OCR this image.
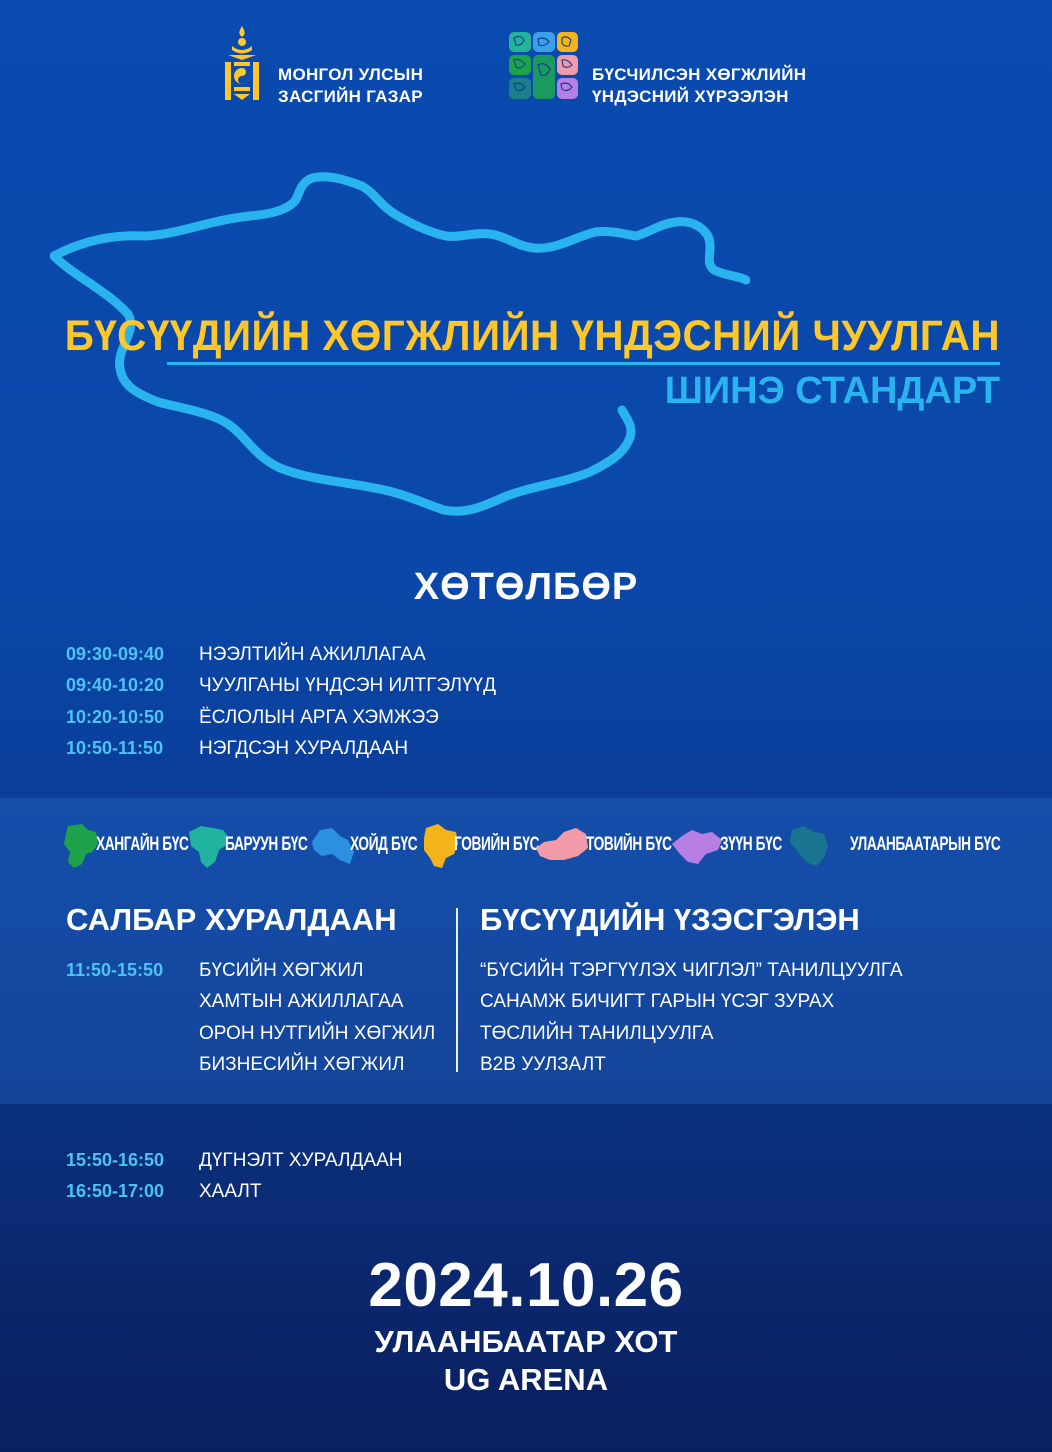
МОНГОЛ УЛСЫН
ЗАСГИЙН ГАЗАР
БҮСЧИЛСЭН ХӨГЖЛИЙН
ҮНДЭСНИЙ ХҮРЭЭЛЭН
БҮСҮҮДИЙН ХӨГЖЛИЙН ҮНДЭСНИЙ ЧУУЛГАН
ШИНЭ СТАНДАРТ
ХӨТӨЛБӨР
09:30-09:40 НЭЭЛТИЙН АЖИЛЛАГАА
09:40-10:20 ЧУУЛГАНЫ ҮНДСЭН ИЛТГЭЛҮҮД
10:20-10:50 ЁСЛОЛЫН АРГА ХЭМЖЭЭ
10:50-11:50 НЭГДСЭН ХУРАЛДААН
ХАНГАЙН БҮС БАРУУН БҮС ХОЙД БҮС ГОВИЙН БҮС ТОВИЙН БҮС	ЗҮҮН БҮС	УЛААНБААТАРЫН БҮС
САЛБАР ХУРАЛДААН
11:50-15:50 БҮСИЙН ХӨГЖИЛ
ХАМТЫН АЖИЛЛАГАА
ОРОН НУТГИЙН ХӨГЖИЛ
БИЗНЕСИЙН ХӨГЖИЛ
БҮСҮҮДИЙН ҮЗЭСГЭЛЭН
“БҮСИЙН ТЭРГҮҮЛЭХ ЧИГЛЭЛ” ТАНИЛЦУУЛГА
САНАМЖ БИЧИГТ ГАРЫН ҮСЭГ ЗУРАХ
ТӨСЛИЙН ТАНИЛЦУУЛГА
B2B УУЛЗАЛТ
15:50-16:50 ДҮГНЭЛТ ХУРАЛДААН
16:50-17:00 ХААЛТ
2024.10.26
УЛААНБААТАР ХОТ
UG ARENA
